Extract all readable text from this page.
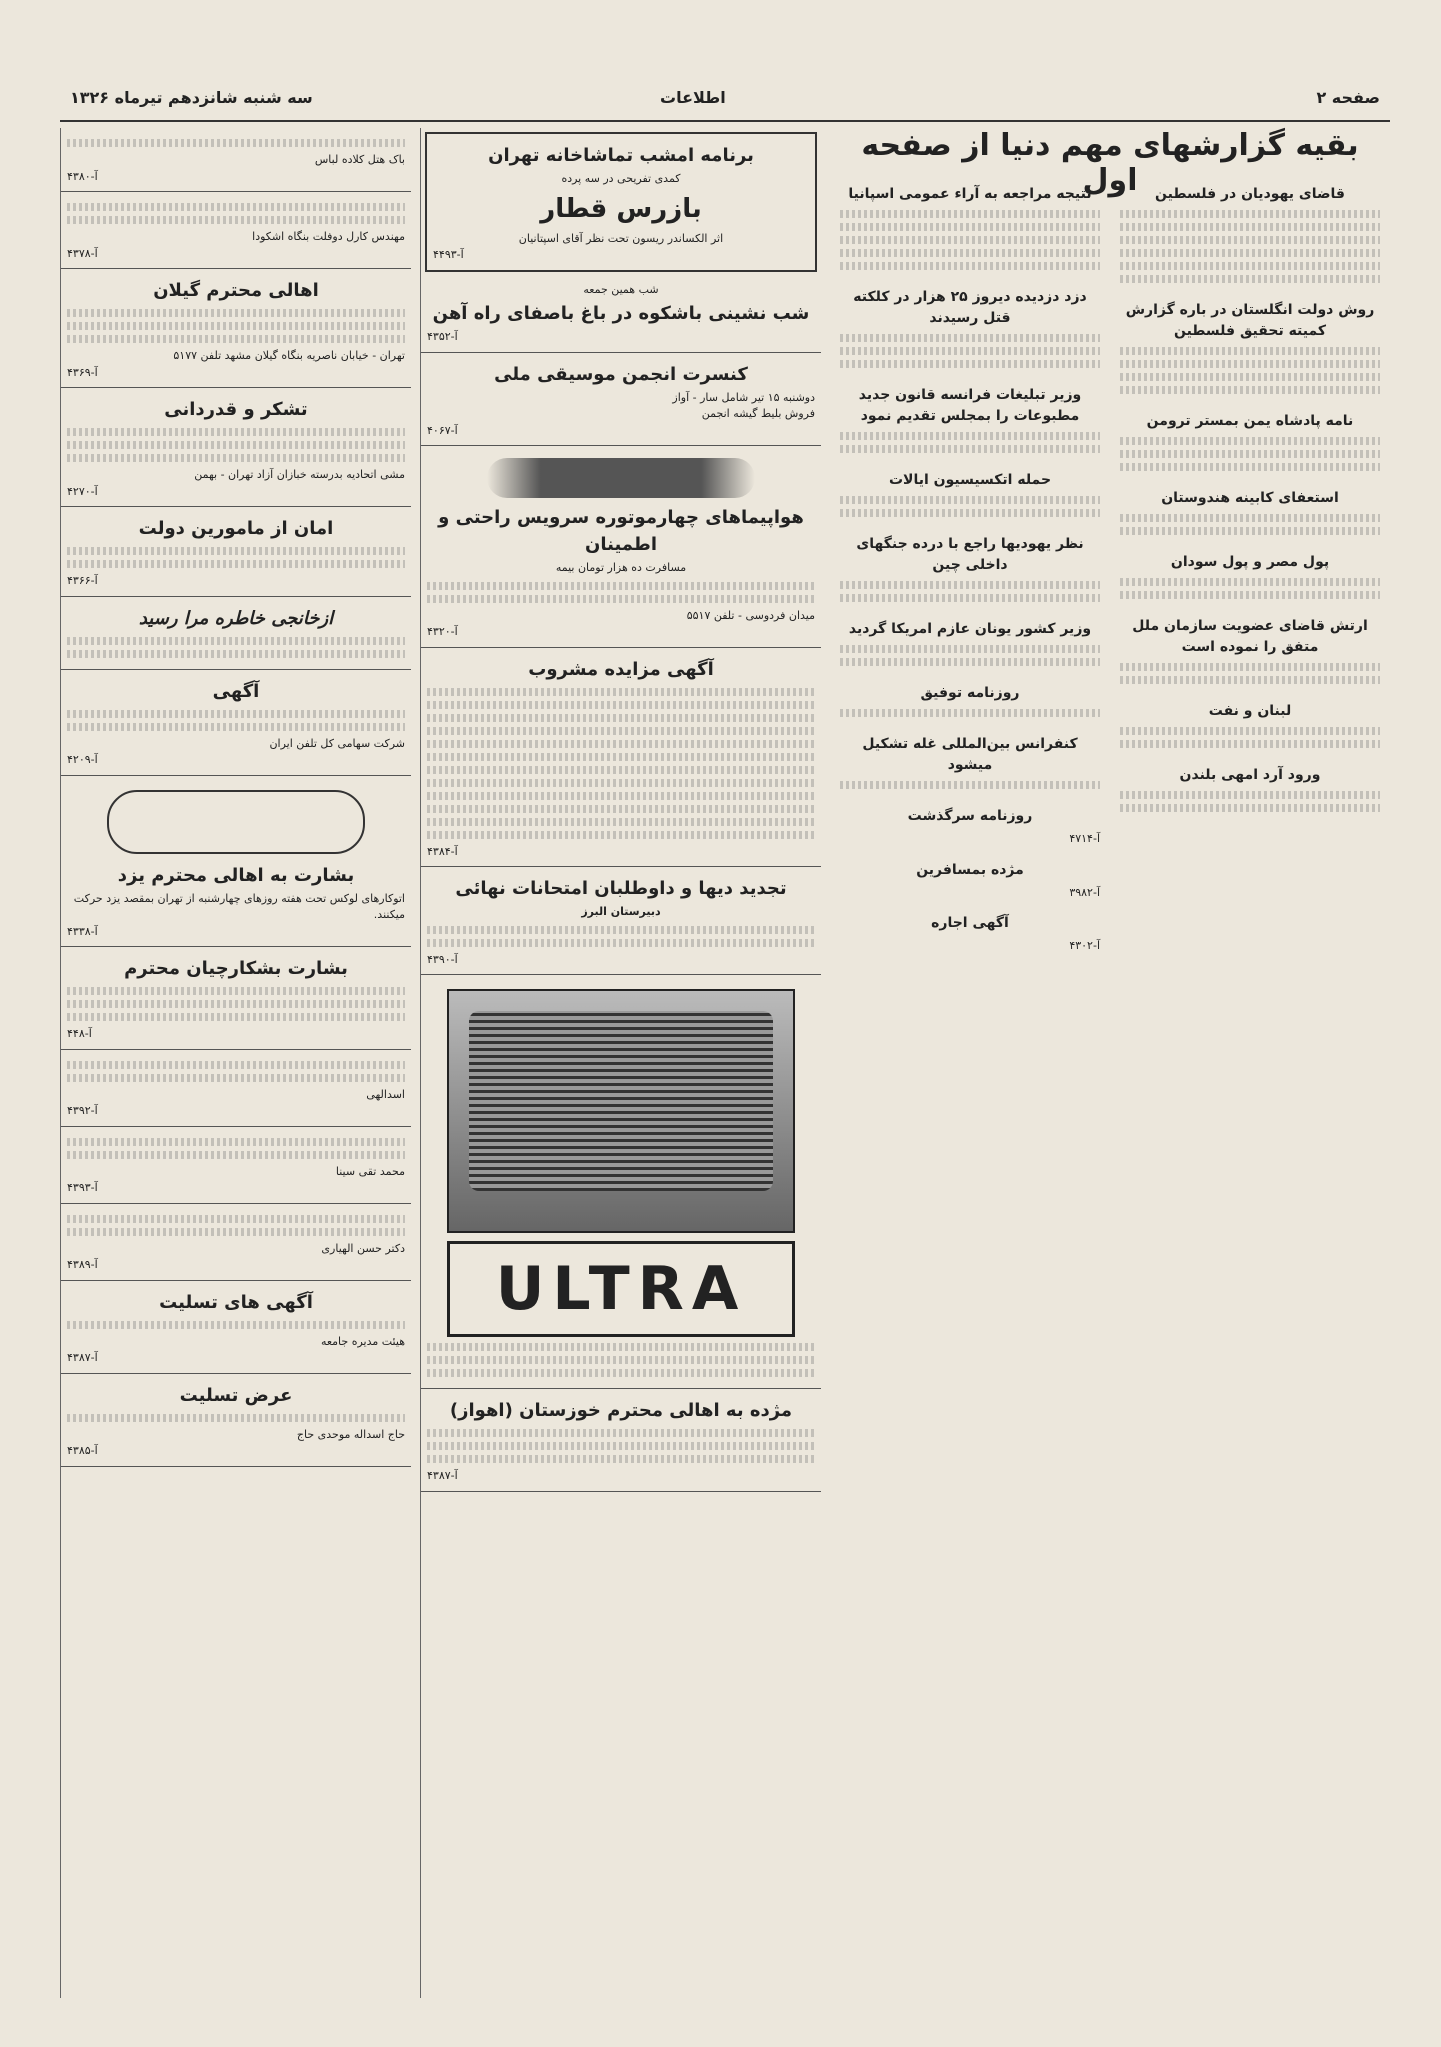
صفحه ۲
اطلاعات
سه شنبه شانزدهم تیرماه ۱۳۲۶
بقیه گزارشهای مهم دنیا از صفحه اول	قاضای یهودیان در فلسطین
روش دولت انگلستان در باره گزارش کمیته تحقیق فلسطین
نامه پادشاه یمن بمستر ترومن
استعفای کابینه هندوستان
پول مصر و پول سودان
ارتش قاضای عضویت سازمان ملل متفق را نموده است
لبنان و نفت
ورود آرد امهی بلندن
نتیجه مراجعه به آراء عمومی اسپانیا
دزد دزدیده دیروز ۲۵ هزار در کلکته قتل رسیدند
وزیر تبلیغات فرانسه قانون جدید مطبوعات را بمجلس تقدیم نمود
حمله اتکسیسیون ایالات
نظر یهودیها راجع با درده جنگهای داخلی چین
وزیر کشور یونان عازم امریکا گردید
روزنامه توفیق
کنفرانس بین‌المللی غله تشکیل میشود
روزنامه سرگذشت
آ-۴۷۱۴
مژده بمسافرین
آ-۳۹۸۲
آگهی اجاره
آ-۴۳۰۲
برنامه امشب تماشاخانه تهران
کمدی تفریحی در سه پرده
بازرس قطار
اثر الکساندر ریسون تحت نظر آقای اسپتانیان
آ-۴۴۹۳
شب همین جمعه
شب نشینی باشکوه در باغ باصفای راه آهن
آ-۴۳۵۲
کنسرت انجمن موسیقی ملی
دوشنبه ۱۵ تیر شامل سار - آواز
فروش بلیط گیشه انجمن
آ-۴۰۶۷
هواپیماهای چهارموتوره سرویس راحتی و اطمینان
مسافرت ده هزار تومان بیمه
میدان فردوسی - تلفن ۵۵۱۷
آ-۴۳۲۰
آگهی مزایده مشروب
آ-۴۳۸۴
تجدید دیها و داوطلبان امتحانات نهائی
دبیرستان البرز
آ-۴۳۹۰
ULTRA
مژده به اهالی محترم خوزستان (اهواز)
آ-۴۳۸۷
باک هتل کلاده لباس
آ-۴۳۸۰
مهندس کارل دوفلت بنگاه اشکودا
آ-۴۳۷۸
اهالی محترم گیلان
تهران - خیابان ناصریه بنگاه گیلان مشهد تلفن ۵۱۷۷
آ-۴۳۶۹
تشکر و قدردانی
مشی اتحادیه بدرسته خبازان آزاد تهران - بهمن
آ-۴۲۷۰
امان از مامورین دولت
آ-۴۳۶۶
ازخانجی خاطره مرا رسید
آگهی
شرکت سهامی کل تلفن ایران
آ-۴۲۰۹
بشارت به اهالی محترم یزد
اتوکارهای لوکس تحت هفته روزهای چهارشنبه از تهران بمقصد یزد حرکت میکنند.
آ-۴۳۳۸
بشارت بشکارچیان محترم
آ-۴۴۸
اسدالهی
آ-۴۳۹۲
محمد تقی سینا
آ-۴۳۹۳
دکتر حسن الهیاری
آ-۴۳۸۹
آگهی های تسلیت
هیئت مدیره جامعه
آ-۴۳۸۷
عرض تسلیت
حاج اسداله موحدی حاج
آ-۴۳۸۵
